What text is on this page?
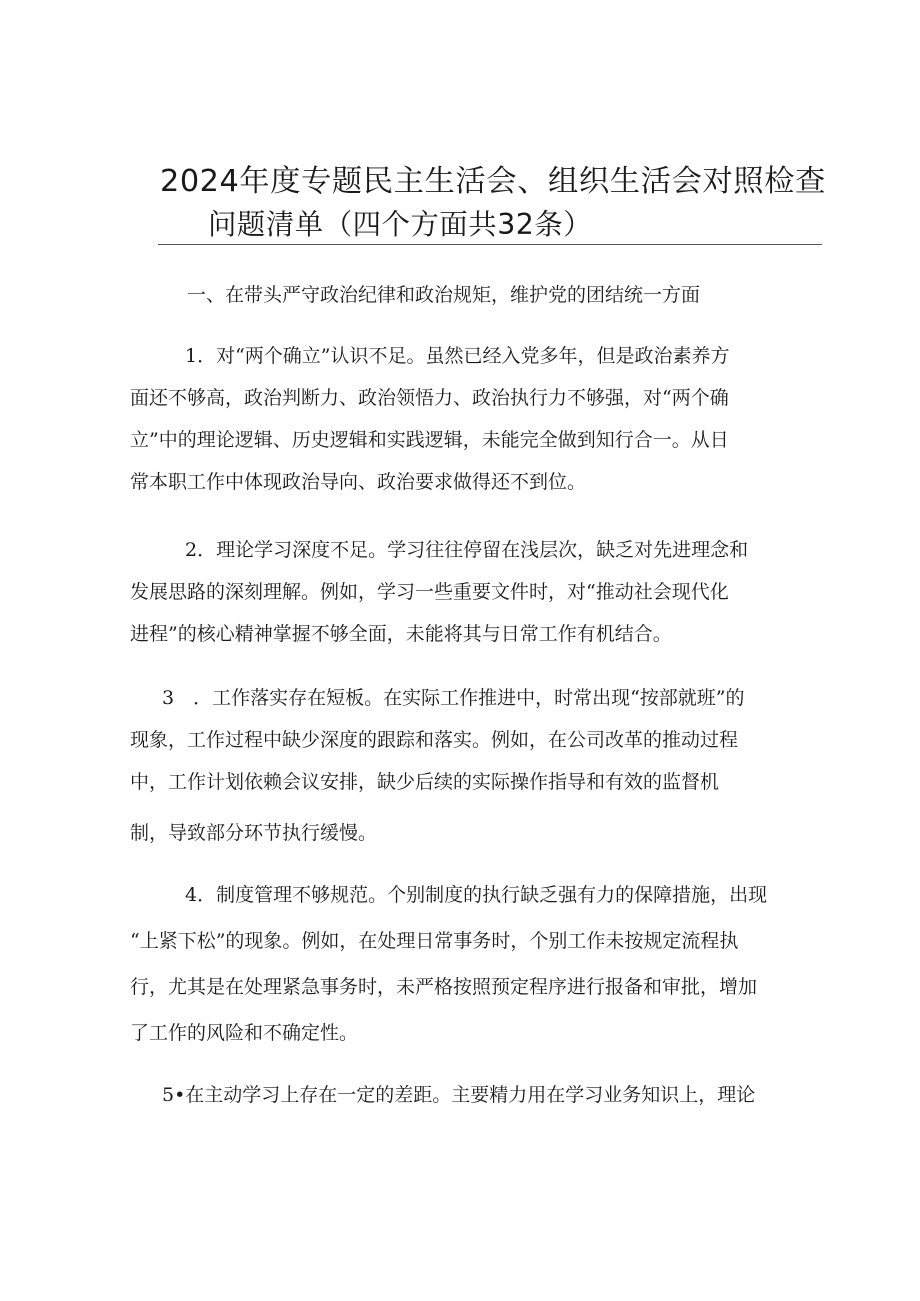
2024年度专题民主生活会、组织生活会对照检查
问题清单（四个方面共32条）

一、在带头严守政治纪律和政治规矩，维护党的团结统一方面

1．对“两个确立”认识不足。虽然已经入党多年，但是政治素养方

面还不够高，政治判断力、政治领悟力、政治执行力不够强，对“两个确

立”中的理论逻辑、历史逻辑和实践逻辑，未能完全做到知行合一。从日

常本职工作中体现政治导向、政治要求做得还不到位。

2．理论学习深度不足。学习往往停留在浅层次，缺乏对先进理念和

发展思路的深刻理解。例如，学习一些重要文件时，对“推动社会现代化

进程”的核心精神掌握不够全面，未能将其与日常工作有机结合。

3　．工作落实存在短板。在实际工作推进中，时常出现“按部就班”的

现象，工作过程中缺少深度的跟踪和落实。例如，在公司改革的推动过程

中，工作计划依赖会议安排，缺少后续的实际操作指导和有效的监督机

制，导致部分环节执行缓慢。

4．制度管理不够规范。个别制度的执行缺乏强有力的保障措施，出现

“上紧下松”的现象。例如，在处理日常事务时，个别工作未按规定流程执

行，尤其是在处理紧急事务时，未严格按照预定程序进行报备和审批，增加

了工作的风险和不确定性。

5•在主动学习上存在一定的差距。主要精力用在学习业务知识上，理论
